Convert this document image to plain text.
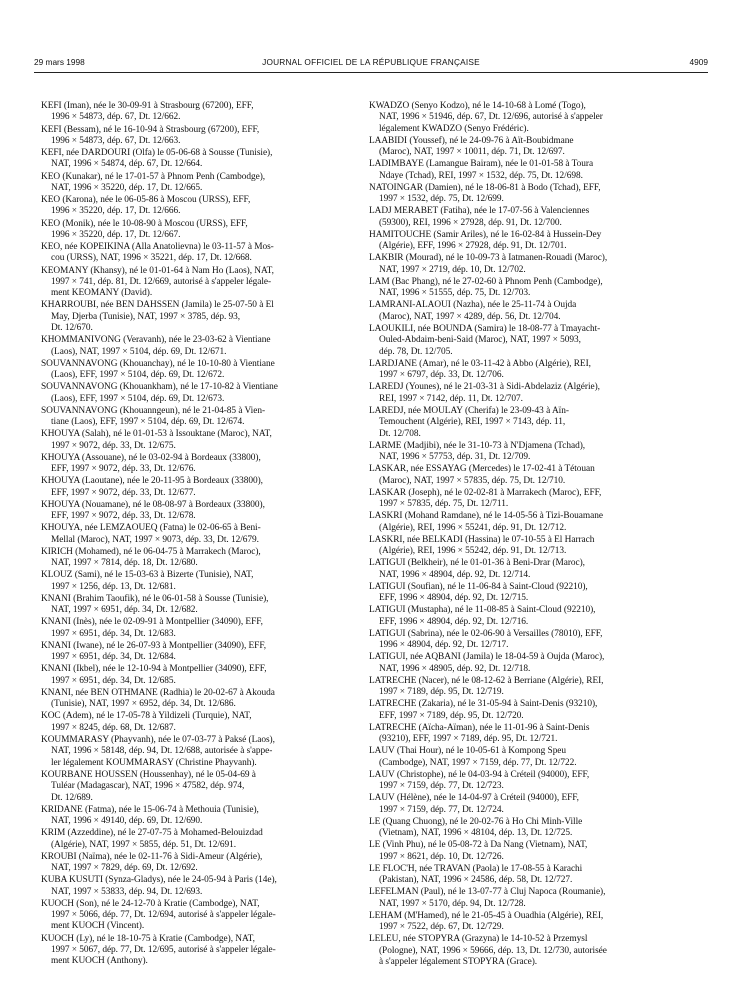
JOURNAL OFFICIEL DE LA RÉPUBLIQUE FRANÇAISE
29 mars 1998	4909

KEFI (Iman), née le 30-09-91 à Strasbourg (67200), EFF,
1996 × 54873, dép. 67, Dt. 12/662.

KEFI (Bessam), né le 16-10-94 à Strasbourg (67200), EFF,
1996 × 54873, dép. 67, Dt. 12/663.

KEFI, née DARDOURI (Olfa) le 05-06-68 à Sousse (Tunisie),
NAT, 1996 × 54874, dép. 67, Dt. 12/664.

KEO (Kunakar), né le 17-01-57 à Phnom Penh (Cambodge),
NAT, 1996 × 35220, dép. 17, Dt. 12/665.

KEO (Karona), née le 06-05-86 à Moscou (URSS), EFF,
1996 × 35220, dép. 17, Dt. 12/666.

KEO (Monik), née le 10-08-90 à Moscou (URSS), EFF,
1996 × 35220, dép. 17, Dt. 12/667.

KEO, née KOPEIKINA (Alla Anatolievna) le 03-11-57 à Mos-
cou (URSS), NAT, 1996 × 35221, dép. 17, Dt. 12/668.

KEOMANY (Khansy), né le 01-01-64 à Nam Ho (Laos), NAT,
1997 × 741, dép. 81, Dt. 12/669, autorisé à s'appeler légale-
ment KEOMANY (David).

KHARROUBI, née BEN DAHSSEN (Jamila) le 25-07-50 à El
May, Djerba (Tunisie), NAT, 1997 × 3785, dép. 93,
Dt. 12/670.

KHOMMANIVONG (Veravanh), née le 23-03-62 à Vientiane
(Laos), NAT, 1997 × 5104, dép. 69, Dt. 12/671.

SOUVANNAVONG (Khouanchay), né le 10-10-80 à Vientiane
(Laos), EFF, 1997 × 5104, dép. 69, Dt. 12/672.

SOUVANNAVONG (Khouankham), né le 17-10-82 à Vientiane
(Laos), EFF, 1997 × 5104, dép. 69, Dt. 12/673.

SOUVANNAVONG (Khouanngeun), né le 21-04-85 à Vien-
tiane (Laos), EFF, 1997 × 5104, dép. 69, Dt. 12/674.

KHOUYA (Salah), né le 01-01-53 à Issouktane (Maroc), NAT,
1997 × 9072, dép. 33, Dt. 12/675.

KHOUYA (Assouane), né le 03-02-94 à Bordeaux (33800),
EFF, 1997 × 9072, dép. 33, Dt. 12/676.

KHOUYA (Laoutane), née le 20-11-95 à Bordeaux (33800),
EFF, 1997 × 9072, dép. 33, Dt. 12/677.

KHOUYA (Nouamane), né le 08-08-97 à Bordeaux (33800),
EFF, 1997 × 9072, dép. 33, Dt. 12/678.

KHOUYA, née LEMZAOUEQ (Fatna) le 02-06-65 à Beni-
Mellal (Maroc), NAT, 1997 × 9073, dép. 33, Dt. 12/679.

KIRICH (Mohamed), né le 06-04-75 à Marrakech (Maroc),
NAT, 1997 × 7814, dép. 18, Dt. 12/680.

KLOUZ (Sami), né le 15-03-63 à Bizerte (Tunisie), NAT,
1997 × 1256, dép. 13, Dt. 12/681.

KNANI (Brahim Taoufik), né le 06-01-58 à Sousse (Tunisie),
NAT, 1997 × 6951, dép. 34, Dt. 12/682.

KNANI (Inès), née le 02-09-91 à Montpellier (34090), EFF,
1997 × 6951, dép. 34, Dt. 12/683.

KNANI (Iwane), né le 26-07-93 à Montpellier (34090), EFF,
1997 × 6951, dép. 34, Dt. 12/684.

KNANI (Ikbel), née le 12-10-94 à Montpellier (34090), EFF,
1997 × 6951, dép. 34, Dt. 12/685.

KNANI, née BEN OTHMANE (Radhia) le 20-02-67 à Akouda
(Tunisie), NAT, 1997 × 6952, dép. 34, Dt. 12/686.

KOC (Adem), né le 17-05-78 à Yildizeli (Turquie), NAT,
1997 × 8245, dép. 68, Dt. 12/687.

KOUMMARASY (Phayvanh), née le 07-03-77 à Paksé (Laos),
NAT, 1996 × 58148, dép. 94, Dt. 12/688, autorisée à s'appe-
ler légalement KOUMMARASY (Christine Phayvanh).

KOURBANE HOUSSEN (Houssenhay), né le 05-04-69 à
Tuléar (Madagascar), NAT, 1996 × 47582, dép. 974,
Dt. 12/689.

KRIDANE (Fatma), née le 15-06-74 à Methouia (Tunisie),
NAT, 1996 × 49140, dép. 69, Dt. 12/690.

KRIM (Azzeddine), né le 27-07-75 à Mohamed-Belouizdad
(Algérie), NAT, 1997 × 5855, dép. 51, Dt. 12/691.

KROUBI (Naïma), née le 02-11-76 à Sidi-Ameur (Algérie),
NAT, 1997 × 7829, dép. 69, Dt. 12/692.

KUBA KUSUTI (Synza-Gladys), née le 24-05-94 à Paris (14e),
NAT, 1997 × 53833, dép. 94, Dt. 12/693.

KUOCH (Son), né le 24-12-70 à Kratie (Cambodge), NAT,
1997 × 5066, dép. 77, Dt. 12/694, autorisé à s'appeler légale-
ment KUOCH (Vincent).

KUOCH (Ly), né le 18-10-75 à Kratie (Cambodge), NAT,
1997 × 5067, dép. 77, Dt. 12/695, autorisé à s'appeler légale-
ment KUOCH (Anthony).

KWADZO (Senyo Kodzo), né le 14-10-68 à Lomé (Togo),
NAT, 1996 × 51946, dép. 67, Dt. 12/696, autorisé à s'appeler
légalement KWADZO (Senyo Frédéric).

LAABIDI (Youssef), né le 24-09-76 à Aït-Boubidmane
(Maroc), NAT, 1997 × 10011, dép. 71, Dt. 12/697.

LADIMBAYE (Lamangue Bairam), née le 01-01-58 à Toura
Ndaye (Tchad), REI, 1997 × 1532, dép. 75, Dt. 12/698.

NATOINGAR (Damien), né le 18-06-81 à Bodo (Tchad), EFF,
1997 × 1532, dép. 75, Dt. 12/699.

LADJ MERABET (Fatiha), née le 17-07-56 à Valenciennes
(59300), REI, 1996 × 27928, dép. 91, Dt. 12/700.

HAMITOUCHE (Samir Ariles), né le 16-02-84 à Hussein-Dey
(Algérie), EFF, 1996 × 27928, dép. 91, Dt. 12/701.

LAKBIR (Mourad), né le 10-09-73 à Iatmanen-Rouadi (Maroc),
NAT, 1997 × 2719, dép. 10, Dt. 12/702.

LAM (Bac Phang), né le 27-02-60 à Phnom Penh (Cambodge),
NAT, 1996 × 51555, dép. 75, Dt. 12/703.

LAMRANI-ALAOUI (Nazha), née le 25-11-74 à Oujda
(Maroc), NAT, 1997 × 4289, dép. 56, Dt. 12/704.

LAOUKILI, née BOUNDA (Samira) le 18-08-77 à Tmayacht-
Ouled-Abdaim-beni-Said (Maroc), NAT, 1997 × 5093,
dép. 78, Dt. 12/705.

LARDJANE (Amar), né le 03-11-42 à Abbo (Algérie), REI,
1997 × 6797, dép. 33, Dt. 12/706.

LAREDJ (Younes), né le 21-03-31 à Sidi-Abdelaziz (Algérie),
REI, 1997 × 7142, dép. 11, Dt. 12/707.

LAREDJ, née MOULAY (Cherifa) le 23-09-43 à Aïn-
Temouchent (Algérie), REI, 1997 × 7143, dép. 11,
Dt. 12/708.

LARME (Madjibi), née le 31-10-73 à N'Djamena (Tchad),
NAT, 1996 × 57753, dép. 31, Dt. 12/709.

LASKAR, née ESSAYAG (Mercedes) le 17-02-41 à Tétouan
(Maroc), NAT, 1997 × 57835, dép. 75, Dt. 12/710.

LASKAR (Joseph), né le 02-02-81 à Marrakech (Maroc), EFF,
1997 × 57835, dép. 75, Dt. 12/711.

LASKRI (Mohand Ramdane), né le 14-05-56 à Tizi-Bouamane
(Algérie), REI, 1996 × 55241, dép. 91, Dt. 12/712.

LASKRI, née BELKADI (Hassina) le 07-10-55 à El Harrach
(Algérie), REI, 1996 × 55242, dép. 91, Dt. 12/713.

LATIGUI (Belkheir), né le 01-01-36 à Beni-Drar (Maroc),
NAT, 1996 × 48904, dép. 92, Dt. 12/714.

LATIGUI (Soufian), né le 11-06-84 à Saint-Cloud (92210),
EFF, 1996 × 48904, dép. 92, Dt. 12/715.

LATIGUI (Mustapha), né le 11-08-85 à Saint-Cloud (92210),
EFF, 1996 × 48904, dép. 92, Dt. 12/716.

LATIGUI (Sabrina), née le 02-06-90 à Versailles (78010), EFF,
1996 × 48904, dép. 92, Dt. 12/717.

LATIGUI, née AQBANI (Jamila) le 18-04-59 à Oujda (Maroc),
NAT, 1996 × 48905, dép. 92, Dt. 12/718.

LATRECHE (Nacer), né le 08-12-62 à Berriane (Algérie), REI,
1997 × 7189, dép. 95, Dt. 12/719.

LATRECHE (Zakaria), né le 31-05-94 à Saint-Denis (93210),
EFF, 1997 × 7189, dép. 95, Dt. 12/720.

LATRECHE (Aïcha-Aïman), née le 11-01-96 à Saint-Denis
(93210), EFF, 1997 × 7189, dép. 95, Dt. 12/721.

LAUV (Thai Hour), né le 10-05-61 à Kompong Speu
(Cambodge), NAT, 1997 × 7159, dép. 77, Dt. 12/722.

LAUV (Christophe), né le 04-03-94 à Créteil (94000), EFF,
1997 × 7159, dép. 77, Dt. 12/723.

LAUV (Hélène), née le 14-04-97 à Créteil (94000), EFF,
1997 × 7159, dép. 77, Dt. 12/724.

LE (Quang Chuong), né le 20-02-76 à Ho Chi Minh-Ville
(Vietnam), NAT, 1996 × 48104, dép. 13, Dt. 12/725.

LE (Vinh Phu), né le 05-08-72 à Da Nang (Vietnam), NAT,
1997 × 8621, dép. 10, Dt. 12/726.

LE FLOC'H, née TRAVAN (Paola) le 17-08-55 à Karachi
(Pakistan), NAT, 1996 × 24586, dép. 58, Dt. 12/727.

LEFELMAN (Paul), né le 13-07-77 à Cluj Napoca (Roumanie),
NAT, 1997 × 5170, dép. 94, Dt. 12/728.

LEHAM (M'Hamed), né le 21-05-45 à Ouadhia (Algérie), REI,
1997 × 7522, dép. 67, Dt. 12/729.

LELEU, née STOPYRA (Grazyna) le 14-10-52 à Przemysl
(Pologne), NAT, 1996 × 59666, dép. 13, Dt. 12/730, autorisée
à s'appeler légalement STOPYRA (Grace).
